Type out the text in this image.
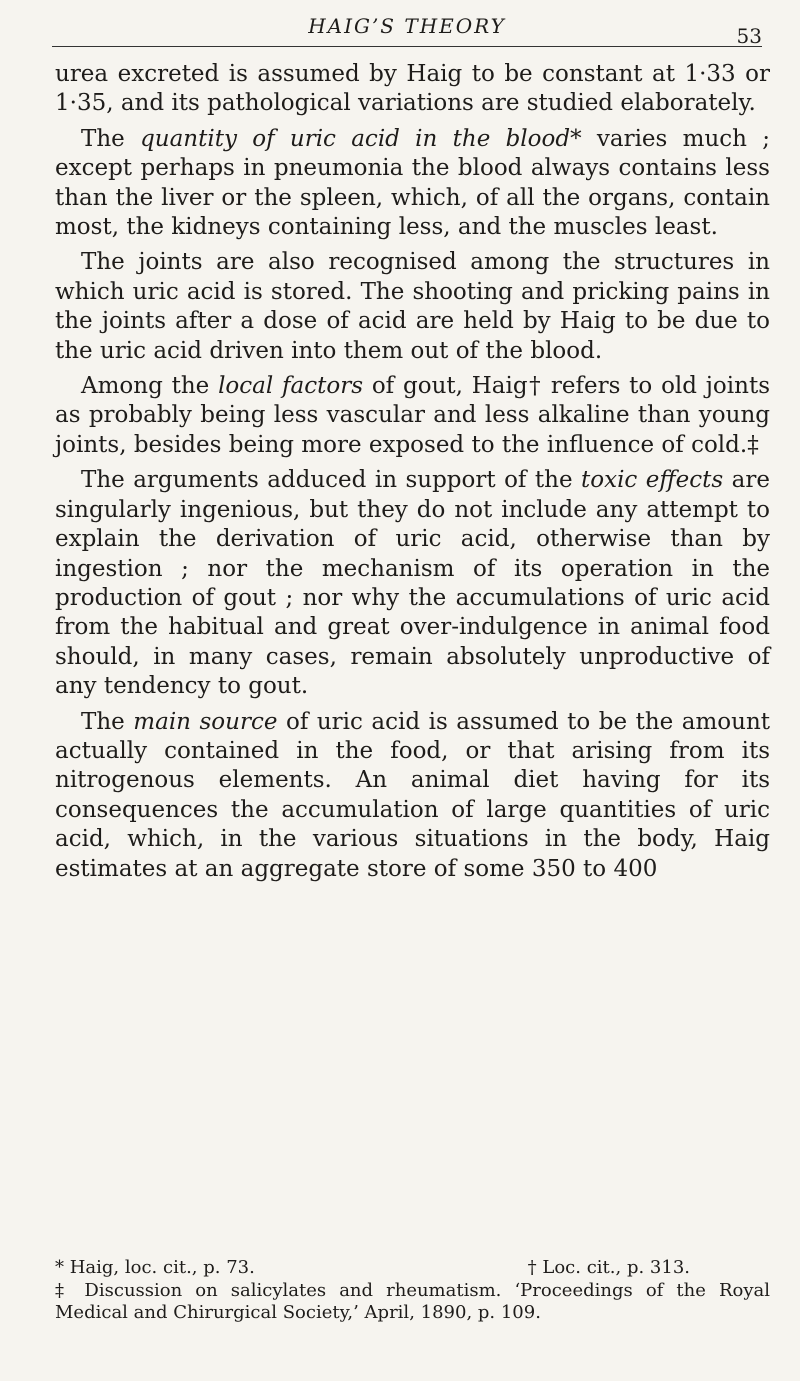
HAIG’S THEORY	53

urea excreted is assumed by Haig to be constant at 1·33 or 1·35, and its pathological variations are studied elaborately.

The quantity of uric acid in the blood* varies much ; except perhaps in pneumonia the blood always contains less than the liver or the spleen, which, of all the organs, contain most, the kidneys containing less, and the muscles least.

The joints are also recognised among the structures in which uric acid is stored. The shooting and pricking pains in the joints after a dose of acid are held by Haig to be due to the uric acid driven into them out of the blood.

Among the local factors of gout, Haig† refers to old joints as probably being less vascular and less alkaline than young joints, besides being more exposed to the influence of cold.‡

The arguments adduced in support of the toxic effects are singularly ingenious, but they do not include any attempt to explain the derivation of uric acid, otherwise than by ingestion ; nor the mechanism of its operation in the production of gout ; nor why the accumulations of uric acid from the habitual and great over-indulgence in animal food should, in many cases, remain absolutely unproductive of any tendency to gout.

The main source of uric acid is assumed to be the amount actually contained in the food, or that arising from its nitrogenous elements. An animal diet having for its consequences the accumulation of large quantities of uric acid, which, in the various situations in the body, Haig estimates at an aggregate store of some 350 to 400

* Haig, loc. cit., p. 73.	† Loc. cit., p. 313.
‡ Discussion on salicylates and rheumatism. ‘Proceedings of the Royal Medical and Chirurgical Society,’ April, 1890, p. 109.
